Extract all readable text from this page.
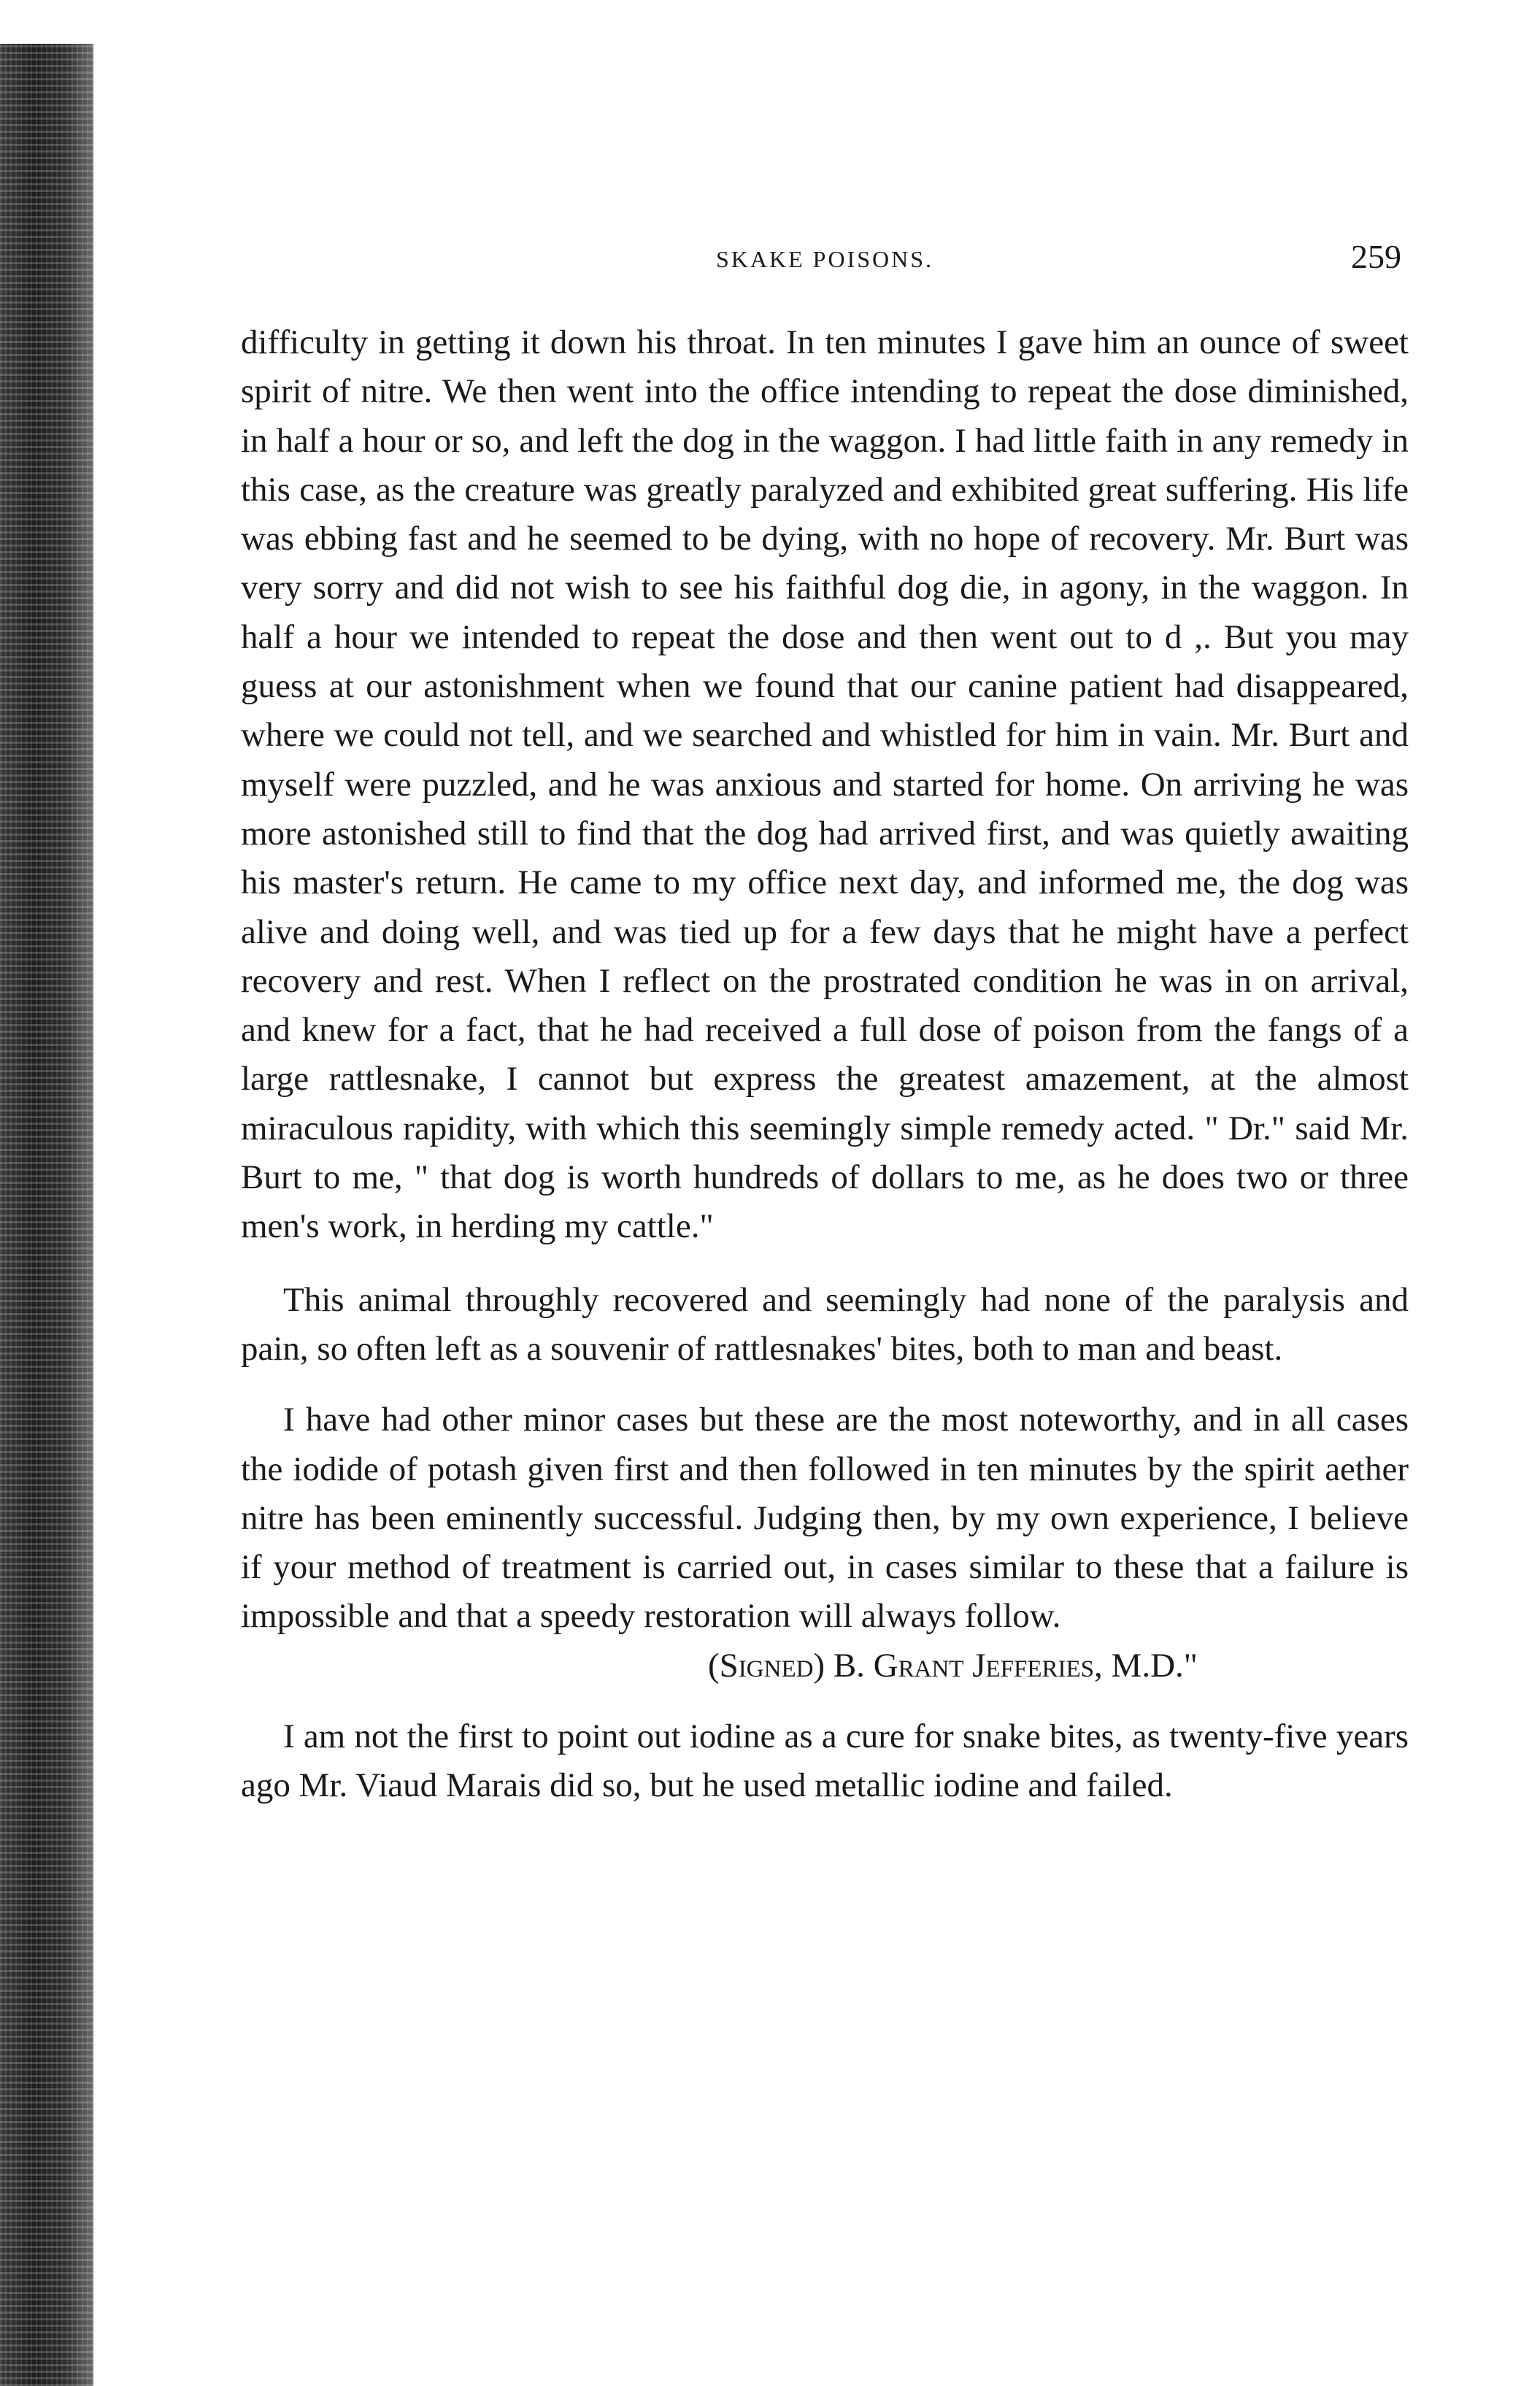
SKAKE POISONS.	259

difficulty in getting it down his throat. In ten minutes I gave him an ounce of sweet spirit of nitre. We then went into the office intending to repeat the dose diminished, in half a hour or so, and left the dog in the waggon. I had little faith in any remedy in this case, as the creature was greatly paralyzed and exhibited great suffering. His life was ebbing fast and he seemed to be dying, with no hope of recovery. Mr. Burt was very sorry and did not wish to see his faithful dog die, in agony, in the waggon. In half a hour we intended to repeat the dose and then went out to d ,. But you may guess at our astonishment when we found that our canine patient had disappeared, where we could not tell, and we searched and whistled for him in vain. Mr. Burt and myself were puzzled, and he was anxious and started for home. On arriving he was more astonished still to find that the dog had arrived first, and was quietly awaiting his master's return. He came to my office next day, and informed me, the dog was alive and doing well, and was tied up for a few days that he might have a perfect recovery and rest. When I reflect on the prostrated condition he was in on arrival, and knew for a fact, that he had received a full dose of poison from the fangs of a large rattlesnake, I cannot but express the greatest amazement, at the almost miraculous rapidity, with which this seemingly simple remedy acted. " Dr." said Mr. Burt to me, " that dog is worth hundreds of dollars to me, as he does two or three men's work, in herding my cattle."

This animal throughly recovered and seemingly had none of the paralysis and pain, so often left as a souvenir of rattlesnakes' bites, both to man and beast.

I have had other minor cases but these are the most noteworthy, and in all cases the iodide of potash given first and then followed in ten minutes by the spirit aether nitre has been eminently successful. Judging then, by my own experience, I believe if your method of treatment is carried out, in cases similar to these that a failure is impossible and that a speedy restoration will always follow.

(Signed) B. Grant Jefferies, M.D."

I am not the first to point out iodine as a cure for snake bites, as twenty-five years ago Mr. Viaud Marais did so, but he used metallic iodine and failed.
